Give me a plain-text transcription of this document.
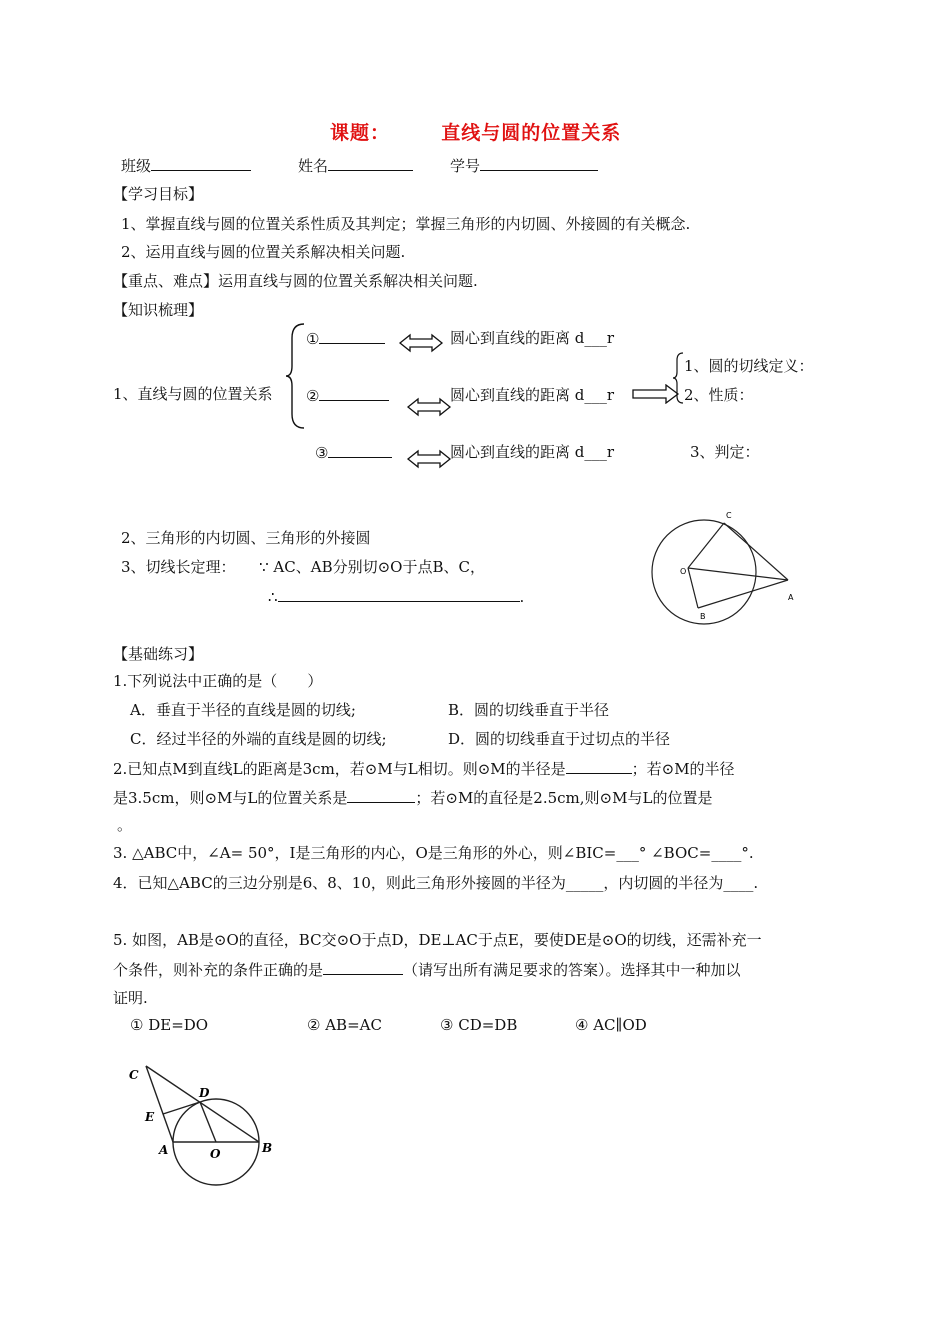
课题：	直线与圆的位置关系
班级	姓名	学号
【学习目标】
1、掌握直线与圆的位置关系性质及其判定；掌握三角形的内切圆、外接圆的有关概念.
2、运用直线与圆的位置关系解决相关问题.
【重点、难点】运用直线与圆的位置关系解决相关问题.
【知识梳理】
1、直线与圆的位置关系
①	圆心到直线的距离 d___r
②	圆心到直线的距离 d___r
③	圆心到直线的距离 d___r
1、圆的切线定义：
2、性质：
3、判定：
2、三角形的内切圆、三角形的外接圆
3、切线长定理： ∵ AC、AB分别切⊙O于点B、C，
∴	.
C
O
B
A
【基础练习】
1.下列说法中正确的是（　　）
A．垂直于半径的直线是圆的切线;	B．圆的切线垂直于半径
C．经过半径的外端的直线是圆的切线;	D．圆的切线垂直于过切点的半径
2.已知点M到直线L的距离是3cm，若⊙M与L相切。则⊙M的半径是	；若⊙M的半径
是3.5cm，则⊙M与L的位置关系是	；若⊙M的直径是2.5cm,则⊙M与L的位置是
。
3. △ABC中，∠A= 50°，I是三角形的内心，O是三角形的外心，则∠BIC=___° ∠BOC=____°.
4．已知△ABC的三边分别是6、8、10，则此三角形外接圆的半径为_____，内切圆的半径为____.
5. 如图，AB是⊙O的直径，BC交⊙O于点D，DE⊥AC于点E，要使DE是⊙O的切线，还需补充一
个条件，则补充的条件正确的是	（请写出所有满足要求的答案）。选择其中一种加以
证明.
① DE=DO	② AB=AC	③ CD=DB	④ AC∥OD
C
D
E
A	O	B
